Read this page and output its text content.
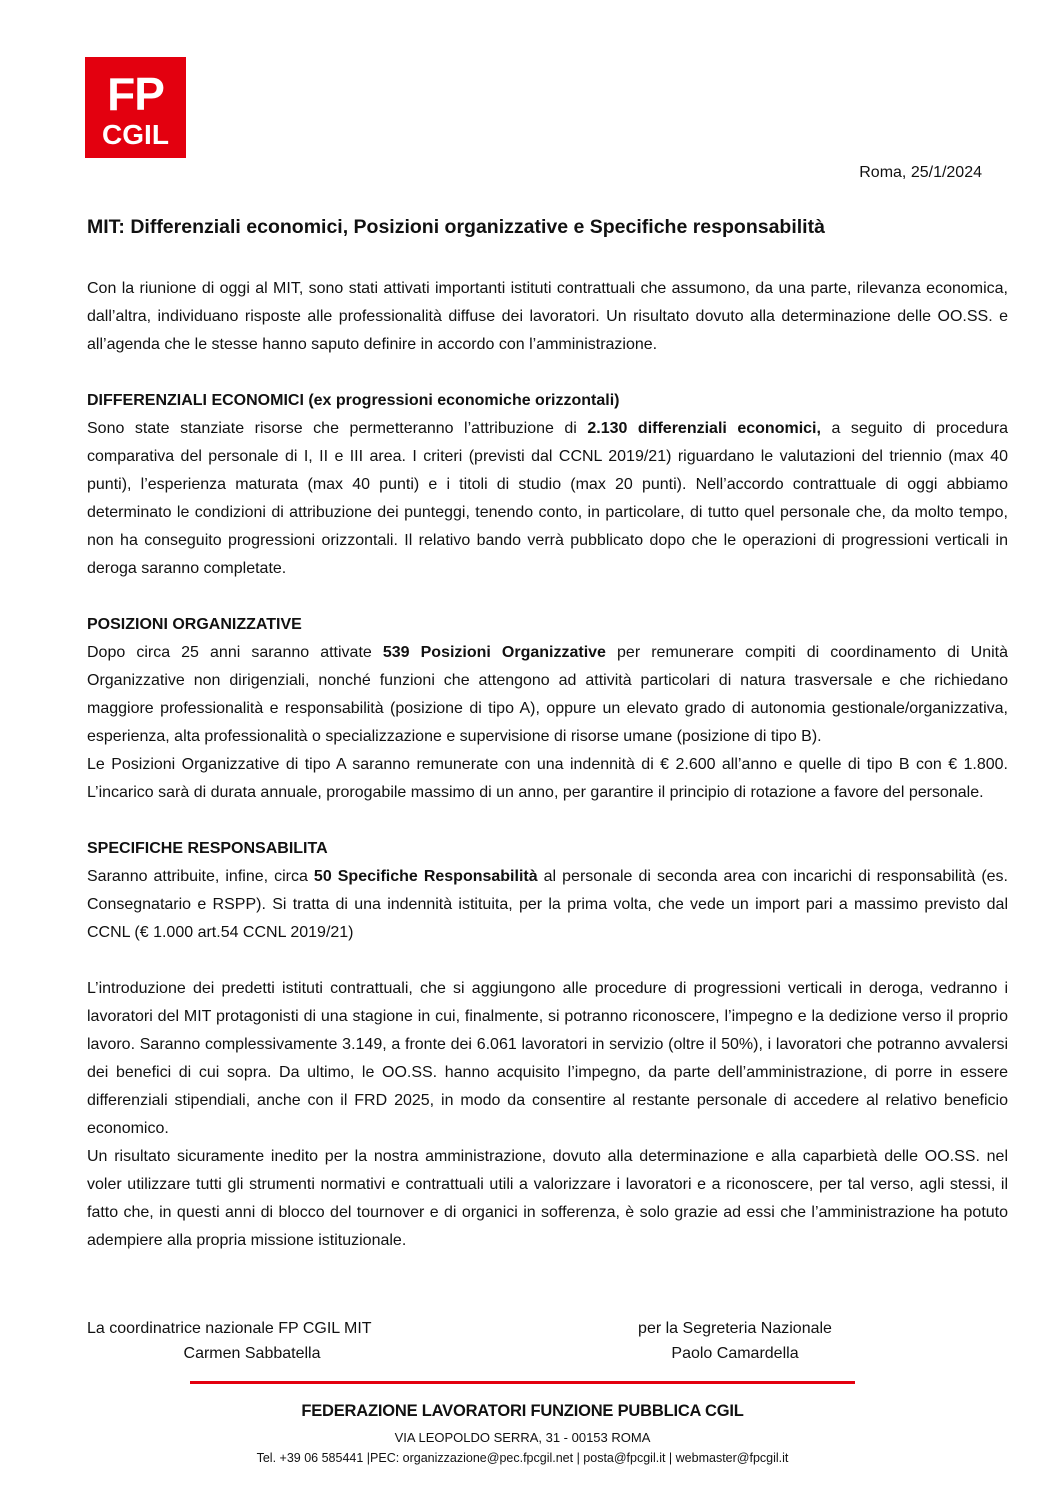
FP
CGIL
Roma, 25/1/2024
MIT: Differenziali economici, Posizioni organizzative e Specifiche responsabilità

Con la riunione di oggi al MIT, sono stati attivati importanti istituti contrattuali che assumono, da una parte, rilevanza economica, dall’altra, individuano risposte alle professionalità diffuse dei lavoratori. Un risultato dovuto alla determinazione delle OO.SS. e all’agenda che le stesse hanno saputo definire in accordo con l’amministrazione.

DIFFERENZIALI ECONOMICI (ex progressioni economiche orizzontali)

Sono state stanziate risorse che permetteranno l’attribuzione di 2.130 differenziali economici, a seguito di procedura comparativa del personale di I, II e III area. I criteri (previsti dal CCNL 2019/21) riguardano le valutazioni del triennio (max 40 punti), l’esperienza maturata (max 40 punti) e i titoli di studio (max 20 punti). Nell’accordo contrattuale di oggi abbiamo determinato le condizioni di attribuzione dei punteggi, tenendo conto, in particolare, di tutto quel personale che, da molto tempo, non ha conseguito progressioni orizzontali. Il relativo bando verrà pubblicato dopo che le operazioni di progressioni verticali in deroga saranno completate.

POSIZIONI ORGANIZZATIVE

Dopo circa 25 anni saranno attivate 539 Posizioni Organizzative per remunerare compiti di coordinamento di Unità Organizzative non dirigenziali, nonché funzioni che attengono ad attività particolari di natura trasversale e che richiedano maggiore professionalità e responsabilità (posizione di tipo A), oppure un elevato grado di autonomia gestionale/organizzativa, esperienza, alta professionalità o specializzazione e supervisione di risorse umane (posizione di tipo B).

Le Posizioni Organizzative di tipo A saranno remunerate con una indennità di € 2.600 all’anno e quelle di tipo B con € 1.800. L’incarico sarà di durata annuale, prorogabile massimo di un anno, per garantire il principio di rotazione a favore del personale.

SPECIFICHE RESPONSABILITA

Saranno attribuite, infine, circa 50 Specifiche Responsabilità al personale di seconda area con incarichi di responsabilità (es. Consegnatario e RSPP). Si tratta di una indennità istituita, per la prima volta, che vede un import pari a massimo previsto dal CCNL (€ 1.000 art.54 CCNL 2019/21)

L’introduzione dei predetti istituti contrattuali, che si aggiungono alle procedure di progressioni verticali in deroga, vedranno i lavoratori del MIT protagonisti di una stagione in cui, finalmente, si potranno riconoscere, l’impegno e la dedizione verso il proprio lavoro. Saranno complessivamente 3.149, a fronte dei 6.061 lavoratori in servizio (oltre il 50%), i lavoratori che potranno avvalersi dei benefici di cui sopra. Da ultimo, le OO.SS. hanno acquisito l’impegno, da parte dell’amministrazione, di porre in essere differenziali stipendiali, anche con il FRD 2025, in modo da consentire al restante personale di accedere al relativo beneficio economico.

Un risultato sicuramente inedito per la nostra amministrazione, dovuto alla determinazione e alla caparbietà delle OO.SS. nel voler utilizzare tutti gli strumenti normativi e contrattuali utili a valorizzare i lavoratori e a riconoscere, per tal verso, agli stessi, il fatto che, in questi anni di blocco del tournover e di organici in sofferenza, è solo grazie ad essi che l’amministrazione ha potuto adempiere alla propria missione istituzionale.

La coordinatrice nazionale FP CGIL MIT
Carmen Sabbatella
per la Segreteria Nazionale
Paolo Camardella
FEDERAZIONE LAVORATORI FUNZIONE PUBBLICA CGIL
VIA LEOPOLDO SERRA, 31 - 00153 ROMA
Tel. +39 06 585441 |PEC: organizzazione@pec.fpcgil.net | posta@fpcgil.it | webmaster@fpcgil.it
